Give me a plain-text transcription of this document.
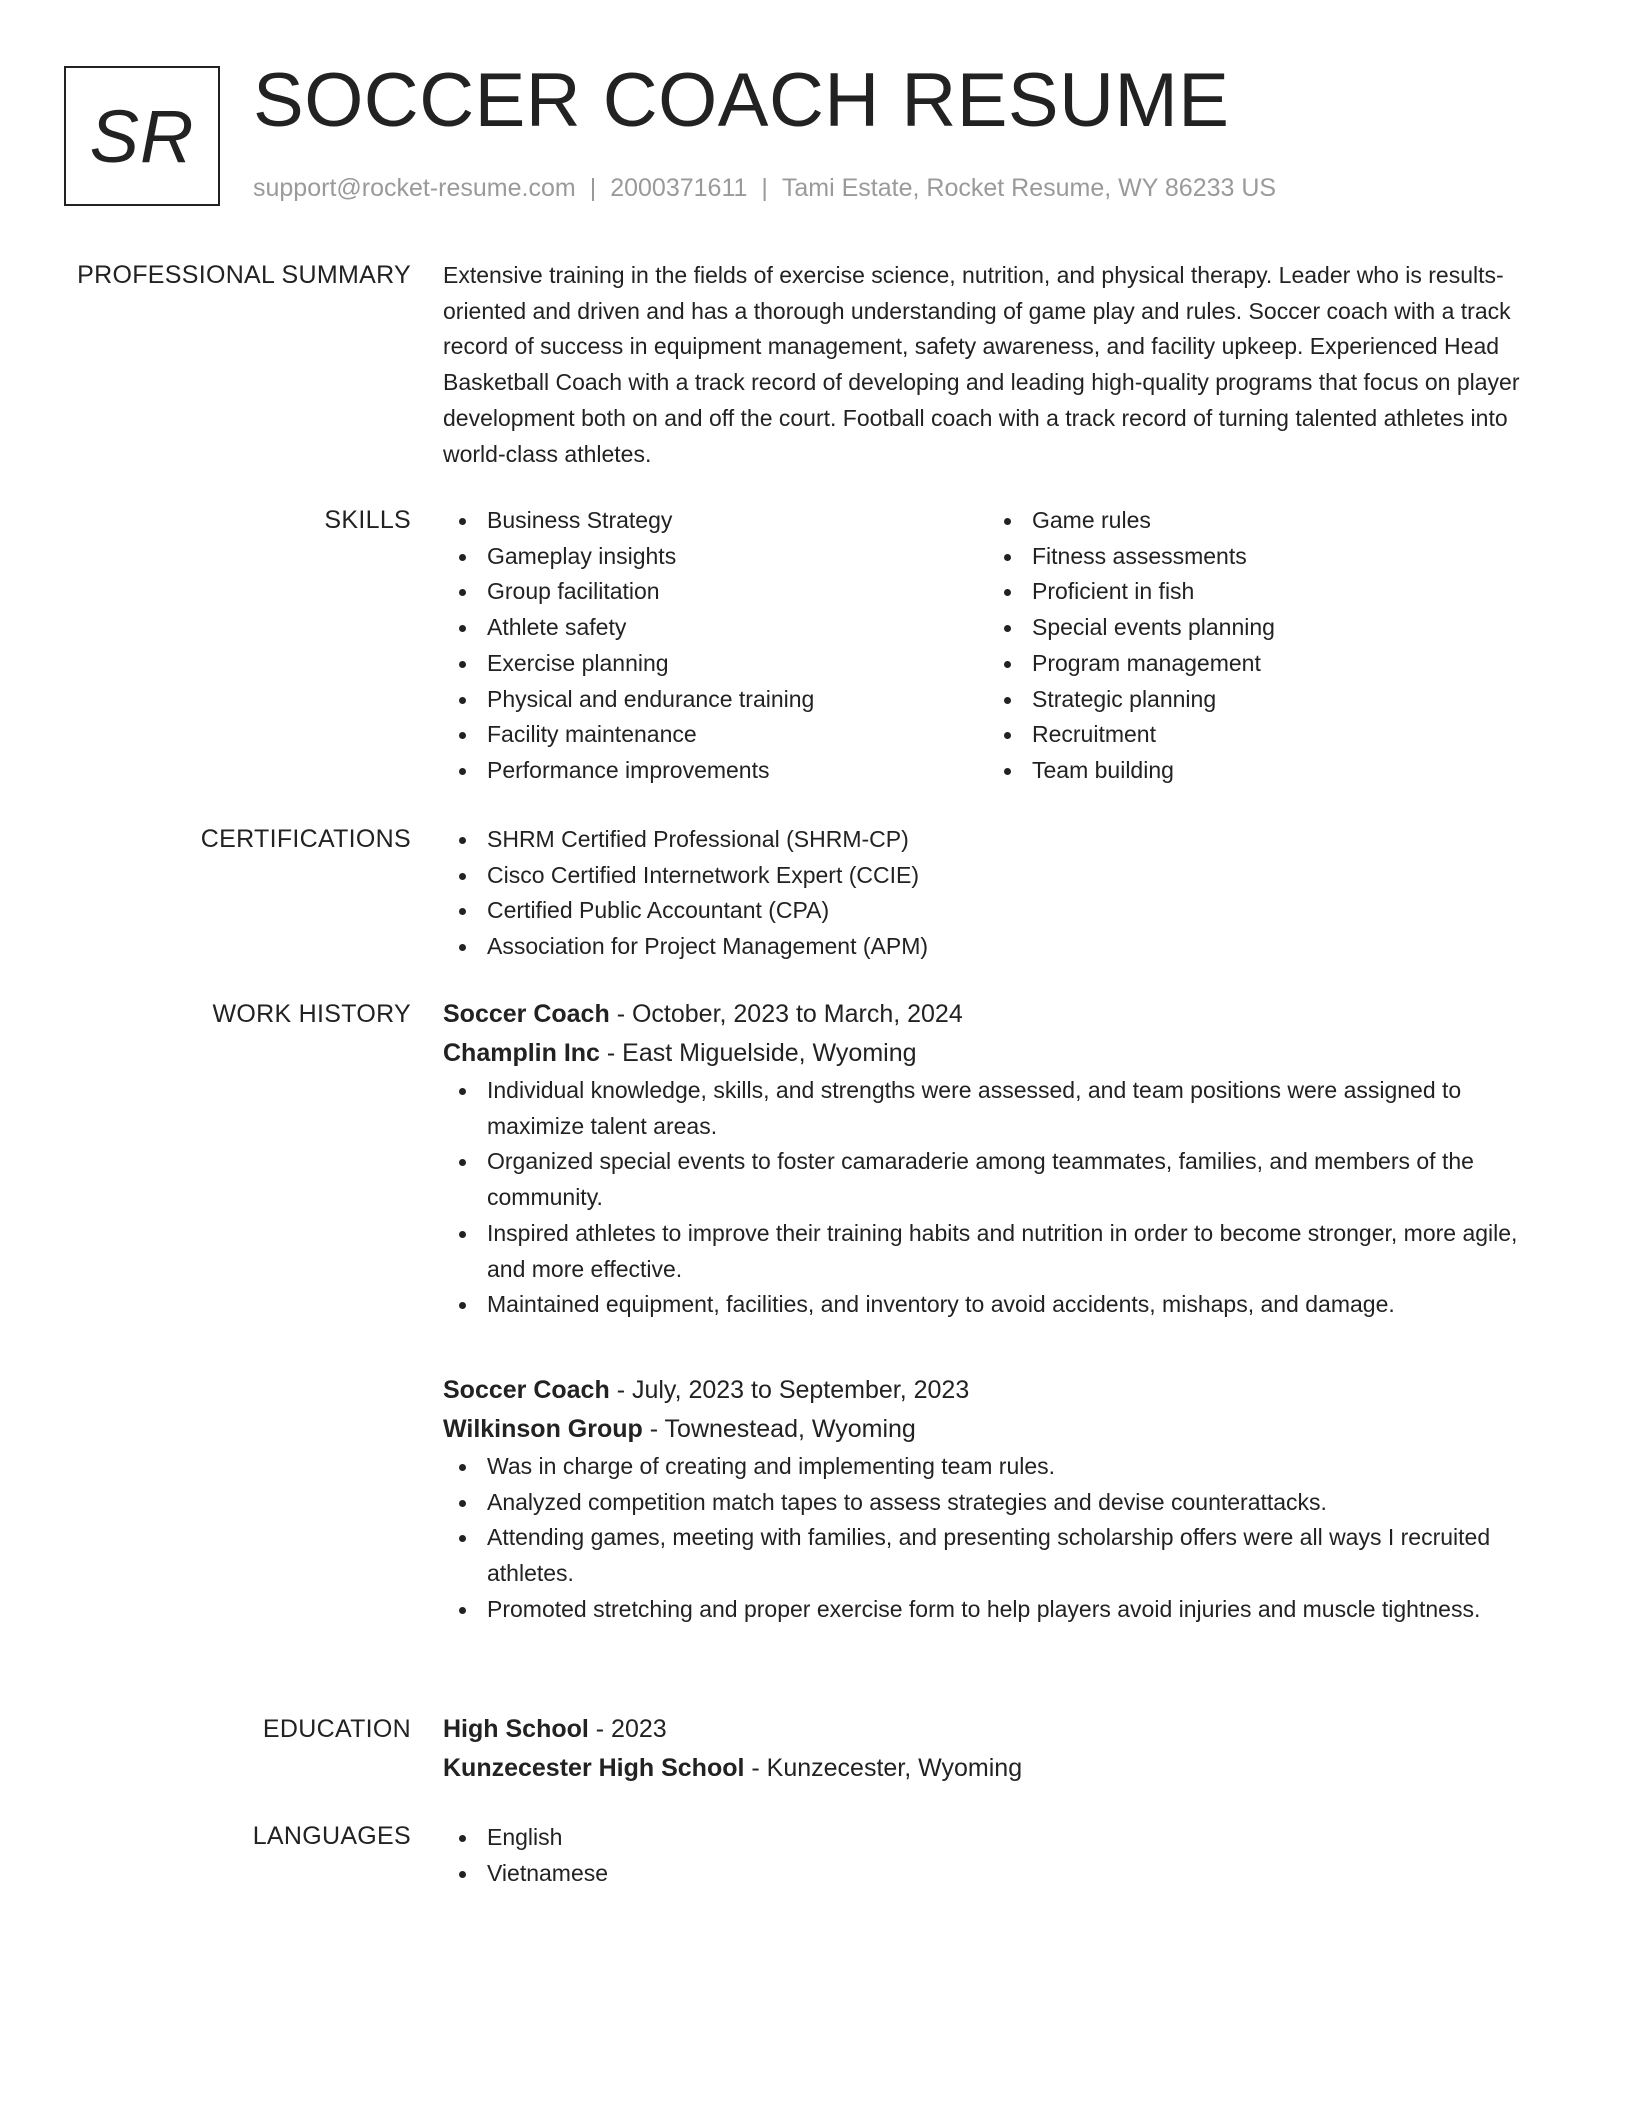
SR SOCCER COACH RESUME
support@rocket-resume.com | 2000371611 | Tami Estate, Rocket Resume, WY 86233 US
PROFESSIONAL SUMMARY Extensive training in the fields of exercise science, nutrition, and physical therapy. Leader who is results-oriented and driven and has a thorough understanding of game play and rules. Soccer coach with a track record of success in equipment management, safety awareness, and facility upkeep. Experienced Head Basketball Coach with a track record of developing and leading high-quality programs that focus on player development both on and off the court. Football coach with a track record of turning talented athletes into world-class athletes.

SKILLS	Business Strategy
Gameplay insights
Group facilitation
Athlete safety
Exercise planning
Physical and endurance training
Facility maintenance
Performance improvements
Game rules
Fitness assessments
Proficient in fish
Special events planning
Program management
Strategic planning
Recruitment
Team building
CERTIFICATIONS	SHRM Certified Professional (SHRM-CP)
Cisco Certified Internetwork Expert (CCIE)
Certified Public Accountant (CPA)
Association for Project Management (APM)
WORK HISTORY Soccer Coach - October, 2023 to March, 2024

Champlin Inc - East Miguelside, Wyoming

Individual knowledge, skills, and strengths were assessed, and team positions were assigned to maximize talent areas.
Organized special events to foster camaraderie among teammates, families, and members of the community.
Inspired athletes to improve their training habits and nutrition in order to become stronger, more agile, and more effective.
Maintained equipment, facilities, and inventory to avoid accidents, mishaps, and damage.

Soccer Coach - July, 2023 to September, 2023

Wilkinson Group - Townestead, Wyoming

Was in charge of creating and implementing team rules.
Analyzed competition match tapes to assess strategies and devise counterattacks.
Attending games, meeting with families, and presenting scholarship offers were all ways I recruited athletes.
Promoted stretching and proper exercise form to help players avoid injuries and muscle tightness.
EDUCATION High School - 2023

Kunzecester High School - Kunzecester, Wyoming

LANGUAGES	English
Vietnamese
